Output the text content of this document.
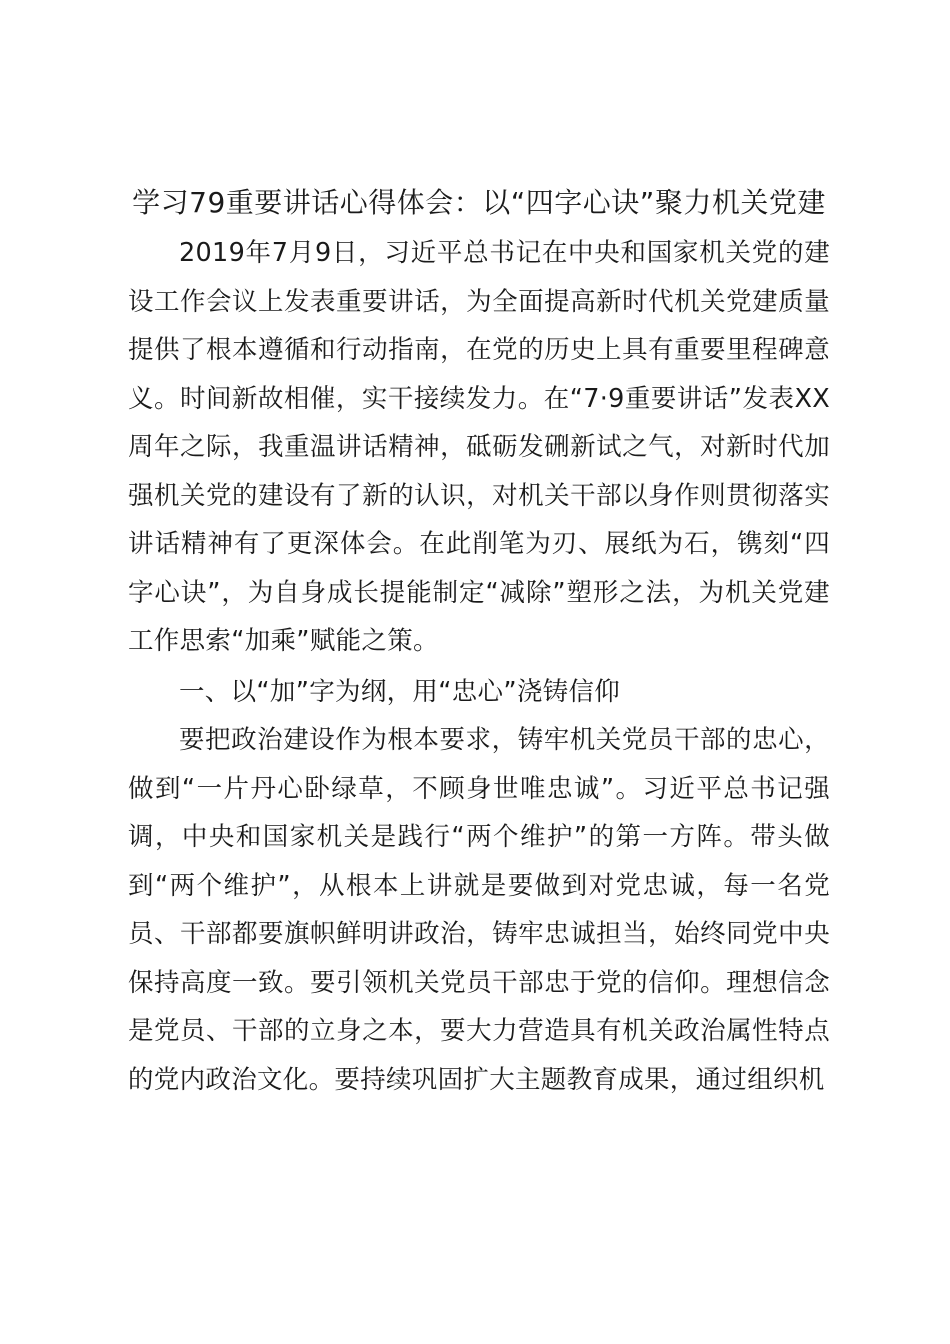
学习79重要讲话心得体会：以“四字心诀”聚力机关党建

2019年7月9日，习近平总书记在中央和国家机关党的建设工作会议上发表重要讲话，为全面提高新时代机关党建质量提供了根本遵循和行动指南，在党的历史上具有重要里程碑意义。时间新故相催，实干接续发力。在“7·9重要讲话”发表XX周年之际，我重温讲话精神，砥砺发硎新试之气，对新时代加强机关党的建设有了新的认识，对机关干部以身作则贯彻落实讲话精神有了更深体会。在此削笔为刃、展纸为石，镌刻“四字心诀”，为自身成长提能制定“减除”塑形之法，为机关党建工作思索“加乘”赋能之策。

一、以“加”字为纲，用“忠心”浇铸信仰

要把政治建设作为根本要求，铸牢机关党员干部的忠心，做到“一片丹心卧绿草，不顾身世唯忠诚”。习近平总书记强调，中央和国家机关是践行“两个维护”的第一方阵。带头做到“两个维护”，从根本上讲就是要做到对党忠诚，每一名党员、干部都要旗帜鲜明讲政治，铸牢忠诚担当，始终同党中央保持高度一致。要引领机关党员干部忠于党的信仰。理想信念是党员、干部的立身之本，要大力营造具有机关政治属性特点的党内政治文化。要持续巩固扩大主题教育成果，通过组织机
